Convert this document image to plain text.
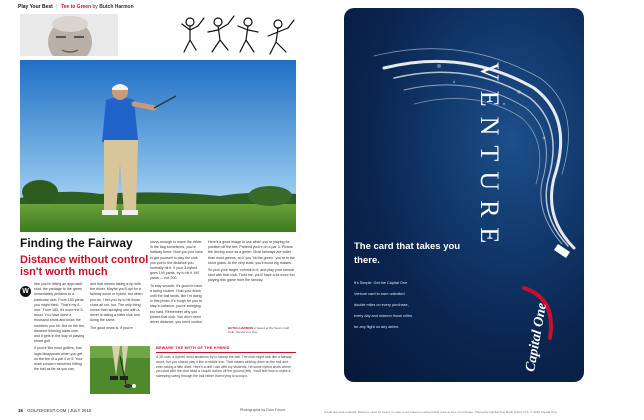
Play Your Best | Tee to Green by Butch Harmon
Finding the Fairway
Distance without control isn't worth much
W

hen you're hitting an approach shot, the yardage to the green immediately pertains to a particular club. From 150 yards, you might think, 'That's my 6-iron.' From 180, it's more the 5-wood. You have done a thousand shots and know the numbers you hit. But on the tee, distance thinking takes over, and it gets in the way of playing smart golf.

If you're like most golfers, that logic disappears when you get on the tee of a par 4 or 5. Your main concern becomes hitting the ball as far as you can,

and that means taking a rip with the driver. Maybe you'll opt for a fairway wood or hybrid, but when you do, I bet you try to hit those clubs all out, too. The only thing worse than spraying one with a driver is taking a safer club and doing the same.

The good news is, if you're

savvy enough to leave the driver in the bag sometimes, you're halfway there. Now you just have to get yourself to play the club you pull to the distance you normally hit it. If your 3-hybrid goes 190 yards, try to hit it 190 yards — not 200.

To stay smooth, it's good to have a swing routine. Hold your finish until the ball lands, like I'm doing in this photo. It's tough for you to stay in balance, you're swinging too hard. Remember why you picked that club. You don't need driver distance; you need control.

Here's a good image to use when you're playing for position off the tee: Pretend you're on a par 3. Picture the driving zone as a green. Most fairways are wider than most greens, so if you 'hit the green,' you're in the short grass. At the very least, you'll avoid big misses.

So pick your target, commit to it, and play your normal shot with that club. Trust me, you'll have a lot more fun playing this game from the fairway.

BUTCH HARMON is based at Rio Secco Golf Club, Henderson, Nev.
BEWARE THE MYTH OF THE HYBRID
A 3D club, a hybrid, most amateurs try to swoop the ball. The club might look like a fairway wood, but you should play it like a middle iron. That means striking down on the ball and even taking a little divot. Here's a drill I use with my students: Hit some hybrid shots where you start with the club head a couple inches off the ground (left). You'll feel how to make a sweeping swing through the ball rather than trying to scoop it.
16 GOLFDIGEST.COM | JULY 2010	Photographs by Dom Furore
VENTURE
The card that takes you there.
It's Simple: Get the Capital One
Venture card to earn unlimited
double miles on every purchase,
every day and redeem those miles
for any flight on any airline.	Capital One
Credit approval required. Redeem miles for travel: no stay or fee based on actual ticket price at time of purchase. Offered by Capital One Bank (USA), N.A. © 2010 Capital One.
